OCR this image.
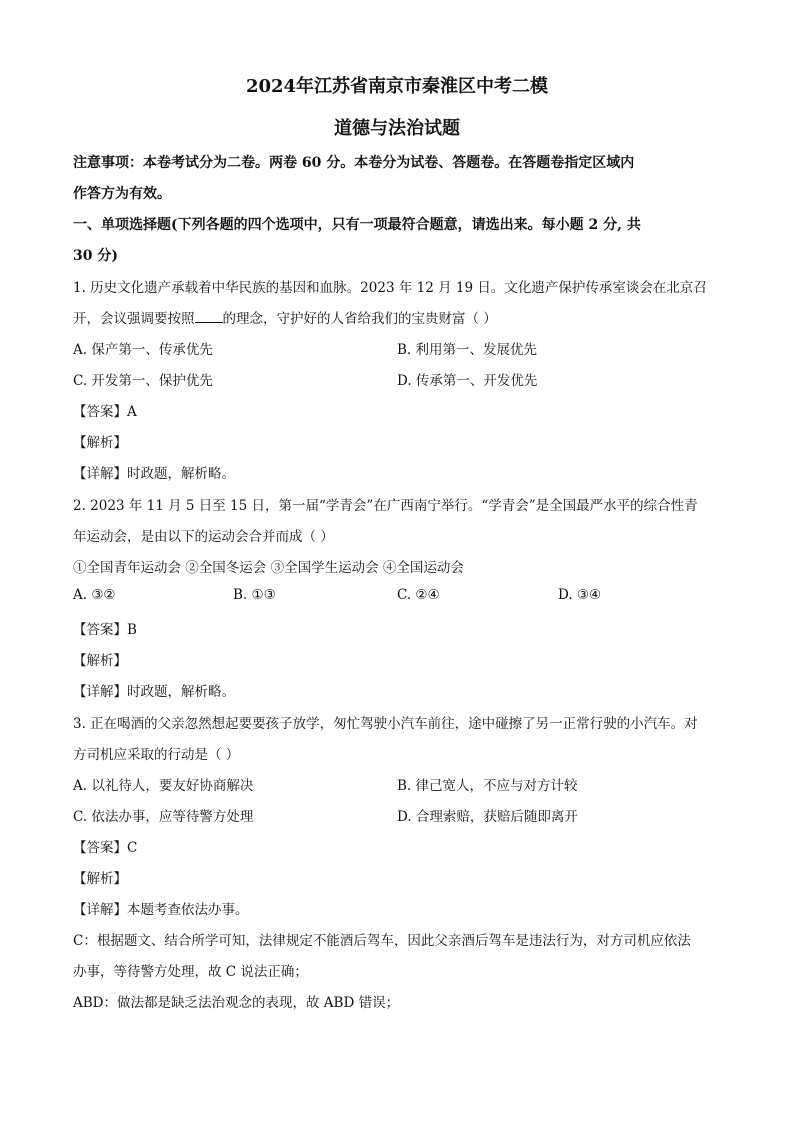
2024年江苏省南京市秦淮区中考二模
道德与法治试题
注意事项：本卷考试分为二卷。两卷 60 分。本卷分为试卷、答题卷。在答题卷指定区域内
作答方为有效。
一、单项选择题(下列各题的四个选项中，只有一项最符合题意，请选出来。每小题 2 分, 共
30 分)
1. 历史文化遗产承载着中华民族的基因和血脉。2023 年 12 月 19 日。文化遗产保护传承室谈会在北京召
开，会议强调要按照 的理念，守护好的人省给我们的宝贵财富（ ）
A. 保产第一、传承优先	B. 利用第一、发展优先
C. 开发第一、保护优先	D. 传承第一、开发优先
【答案】A
【解析】
【详解】时政题，解析略。
2. 2023 年 11 月 5 日至 15 日，第一届“学青会”在广西南宁举行。“学青会”是全国最严水平的综合性青
年运动会，是由以下的运动会合并而成（ ）
①全国青年运动会 ②全国冬运会 ③全国学生运动会 ④全国运动会
A. ③②	B. ①③	C. ②④	D. ③④
【答案】B
【解析】
【详解】时政题，解析略。
3. 正在喝酒的父亲忽然想起要要孩子放学，匆忙驾驶小汽车前往，途中碰擦了另一正常行驶的小汽车。对
方司机应采取的行动是（ ）
A. 以礼待人，要友好协商解决	B. 律己宽人，不应与对方计较
C. 依法办事，应等待警方处理	D. 合理索赔，获赔后随即离开
【答案】C
【解析】
【详解】本题考查依法办事。
C：根据题文、结合所学可知，法律规定不能酒后驾车，因此父亲酒后驾车是违法行为，对方司机应依法
办事，等待警方处理，故 C 说法正确；
ABD：做法都是缺乏法治观念的表现，故 ABD 错误；
